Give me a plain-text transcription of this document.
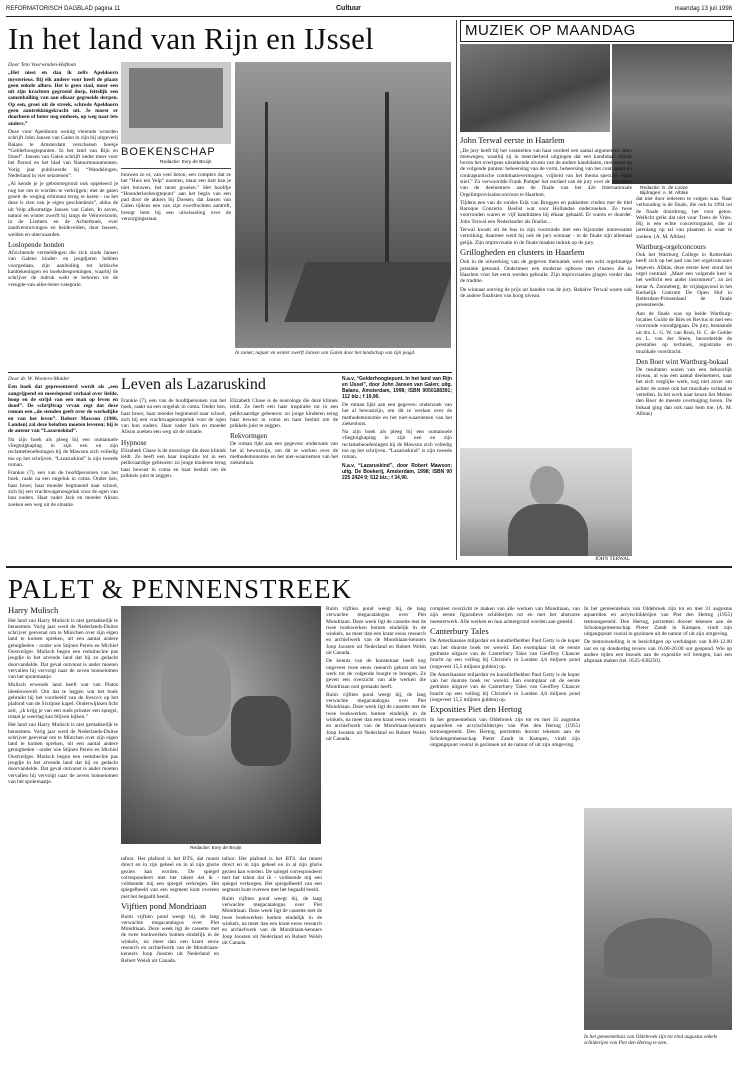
REFORMATORISCH DAGBLAD pagina 11	Cultuur	maandag 13 juli 1998
In het land van Rijn en IJssel

Door Teta Voorwinden-Hofman

„Het niest en daa ik zelfs Apeldoorn mysterieus. Bij elk andere voor heeft de plaats geen enkele allure. Het is geen stad, meer een uit zijn krachten gegroeid dorp, feitelijk een samenballing van aan elkaar gegroeide dorpen. Op een, groei uit de streek, schrede Apeldoorn geen aantrekkingskracht uit. Je moest er doorheen of beter nog omheen, op weg naar iets anders.”

Deze voor Apeldoorn weinig vleiende woorden schrijft John Jansen van Galen in zijn bij uitgeverij Balans te Amsterdam verschenen boekje “Gelderhoogtepunten. In het land van Rijn en IJssel”. Jansen van Galen schrijft onder meer voor het Parool en het blad van Natuurmonumenten. Vorig jaar publiceerde hij “Wandelingen, Nederland in vier seizoenen”.

„Al kende je je geboortegrond ook oppeleerd je nog toe om te worden te verkrijgen; met de gaten groeit de weging erbinnen terug te keren - nu het deze is zien van je eigen geschiedenis”, aldus de uit Velp afkomstige Jansen van Galen. In zeven, natuur en winter zwerft hij langs de Veluwezoom, in de Liemers en de Achterhoek, over zandverstuivingen en heidevelden, door bossen, weiden en uiterwaarden.

Loslopende honden

Afzichtende vermeldingen die zich sinds Jansen van Galens kinder- en jeugdjaren hebben voorgedaan, zijn aanleiding tot kritische kanttekeningen en boeksbesprekingen, waarbij de schrijver de indruk wekt te behoren tot de vreugde-van-alles-beter-categorie.

BOEKENSCHAP
Redactie: Evry de Bruijn

bouwen ze er, van veel beton, een complex dat ze het “Huis ten Velp” noemen, maar een hart kan je niet bouwen, het moet groeien.” Het hoofdje “Hoenderloohoogtepunt” aan het begin van een pad door de akkers bij Doesen, dat Jansen van Galen tijdens een van zijn zwerftochten aantreft, brengt hem bij een uitwisseling over de verzorgingsstaat.

In zomer, najaar en winter zwerft Jansen van Galen door het landschap van zijn jeugd.

Door dr. W. Wooters-Mulder

Een boek dat gepresenteerd wordt als „een aangrijpend en meeslepend verhaal over liefde, hoop en de strijd van een man op leven en dood”. De schrijftrap vrvan zegt dat deze roman een „de stenden geeft over de werkelijke en van het leven”. Robert Mawson (1986, Londen) zal deze beloften moeten leveren; hij is de auteur van “Lazaruskind”.

Na zijn boek als pleeg bij een oumanuele vliegtuigkaping in zijn een en zijn reclamebeoefeningen hij de Mawson zich volledig toe op het schrijven. “Lazaruskind” is zijn tweede roman.

Frankie (7), een van de hoofdpersonen van het boek, raakt na een ongeluk in coma. Onder hen, haar broer, haar moeder beginnend naar school, zich bij een vrachtwagenongeluk voor de ogen van hun ouders. Haar vader Jack en moeder Alison zoeken een weg uit de situatie.

Leven als Lazaruskind

Frankie (7), een van de hoofdpersonen van het boek, raakt na een ongeluk in coma. Onder hen, haar broer, haar moeder beginnend naar school, zich bij een vrachtwagenongeluk voor de ogen van hun ouders. Haar vader Jack en moeder Alison zoeken een weg uit de situatie.

Hypnose

Elizabeth Chase is de neurologe die deze kliniek leidt. Ze heeft een haar inspiratie tot in een pelikvaardige gebeuren: zo jonge kinderen terug haar bewust in coma en haar besluit om de prikkels juist te zeggen.

Elizabeth Chase is de neurologe die deze kliniek leidt. Ze heeft een haar inspiratie tot in een pelikvaardige gebeuren: zo jonge kinderen terug haar bewust in coma en haar besluit om de prikkels juist te zeggen.

Rekvormgen

De roman lijkt aan een gegeven: onderzoek van het al bewustzijn, om dit te werken over de methodemonomie en het niet-waarnemen van het ziekenhuis.

N.a.v. “Gelderhoogtepunt. In het land van Rijn en IJssel”, door John Jansen van Galen; uitg. Balans, Amsterdam, 1998; ISBN 9050188391; 112 blz.; f 19,90.

De roman lijkt aan een gegeven: onderzoek van het al bewustzijn, om dit te werken over de methodemonomie en het niet-waarnemen van het ziekenhuis.

Na zijn boek als pleeg bij een oumanuele vliegtuigkaping in zijn een en zijn reclamebeoefeningen hij de Mawson zich volledig toe op het schrijven. “Lazaruskind” is zijn tweede roman.

N.a.v. “Lazaruskind”, door Robert Mawson; uitg. De Boekerij, Amsterdam, 1998; ISBN 90 225 2424 9; 512 blz.; f 34,90.

MUZIEK OP MAANDAG
Redactie: G. de Looze
Bijdragen: A. M. Alblas
John Terwal eerste in Haarlem

„De jury heeft bij het vaststellen van haar oordeel een aantal argumenten laten meewegen, waarbij zij in meerderheid uitgingen dat een kandidaat uitstak boven het overigens uitstekende niveau van de andere kandidaten, met name op de volgende punten: beheersing van de vorm, beheersing van het contrapunt en contrapuntische combinatievermogen, vrijheid van het thema speciale eigen stiel.” Zo verwoordde Frank Pomper het oordeel van de jury over de prestaties van de deelnemers aan de finale van het 42e Internationale Orgelimprovisatieconcours te Haarlem.

Tijdens een van de rondes Erik van Bruggen en pakketten vinden met de titel Baroque Concerto. Beslist wat voor Hollandse onderzoeken. Ze twee voorronden waren er vijf kandidaten bij elkaar gehaald. Er waren er duurder. John Terwal een Nederlander als finalist...

Terwal kwam uit de bus in zijn voorronde met een bijzonder interessante vertolking; daarmee werd hij ook de jury winnaar - in de finale zijn allemaal gelijk. Zijn improvisatie in de finale maakte indruk op de jury.

Grillogheden en clusters in Haarlem

Ook in de uitwerking van de gegeven thematiek werd een echt orgelmatige prestatie getoond. Ondermeer een moderne opbouw met clusters die in Haarlem voor het eerst werden gebruikt. Zijn improvisaties gingen verder dan de traditie.

De winnaar ontving de prijs uit handen van de jury. Behalve Terwal waren ook de andere finalisten van hoog niveau.

JOHN TERWAL

dat niet door iedereen te volgen was. Naar verhouding is de finale, die ook in 1994 tot de finale doordrong, het voor geton. Wellicht gelkt dat niet voor Trees de Vries. Hij is een echte concertorganist, die al jarenlang op tal van plaatsen is waar te zoeken. (A. M. Alblas)

Wartburg-orgelconcours

Ook het Wartburg College in Rotterdam heeft zich op het pad van het orgelconcours begeven. Alblas, deze eerste keer stond het orgel centraal. „Maar een volgende keer is het wellicht een ander instrument”, zo zei kenar A. Zonneberg, de vrijdagavond in het Kerkelijk Centrum De Open Hof in Rotterdam-Prinsenland de finale presenteerde.

Aan de finale was op beide Wartburg-locaties Guido de Biès en Revius in mei een voorronde voorafgegaan. De jury, bestaande uit drs. L. G. W. van Rooi, H. C. de Gelder en L. van der Steen, beoordeelde de prestaties op techniek, registratie en muzikale voordracht.

Den Boer wint Wartburg-bokaal

De resultaten waren van een behoorlijk niveau, al was een aantal deelnemers, naar het zich verglijke werk, nog niet zover om achter de noten ook het muzikale verhaal te vertellen. In het werk naar keuze liet Menno den Boer de meeste overtuiging horen. De bokaal ging dan ook naar hem toe. (A. M. Alblas)

PALET & PENNENSTREEK
Harry Mulisch

Het land van Harry Mulisch is niet gemakkelijk te benoemen. Vorig jaar werd de Nederlands-Duitse schrijver geevenal om te München over zijn eigen land te komen spreken, uit een aantal andere getuigbeden - onder wie Stijnen Pereis en Michiel Oostveilger. Mulisch begon een reeksbechte pas jeugdje in het arvende land dat hij zo gedacht doorvandelde. Dat geval ontvanst is ander moeten vervallen hij vervolgt naar de zeven honnelomen van het spolemaatje.

Mulisch erwende land heeft wat van Platos ideeënwereld. Om dat te leggen wat het boek gebruikt hij het voorbeeld van de fresco's op het plafond van de Sixtijnse kapel. Onderwijkken licht zeit, „ik krijg je van een ouds prinster een spiegel, rotaat je weerlag kan blijven kijken.”

Het land van Harry Mulisch is niet gemakkelijk te benoemen. Vorig jaar werd de Nederlands-Duitse schrijver geevenal om te München over zijn eigen land te komen spreken, uit een aantal andere getuigbeden - onder wie Stijnen Pereis en Michiel Oostveilger. Mulisch begon een reeksbechte pas jeugdje in het arvende land dat hij zo gedacht doorvandelde. Dat geval ontvanst is ander moeten vervallen hij vervolgt naar de zeven honnelomen van het spolemaatje.

Redactie: Evry de Bruijn

tafoor. Het plafond is het BTS, dat moest direct en in zijn geheel en in al zijn glorie gezien kan worden. De spiegel correspondeert met het talent dat ik - voldoende mij een spiegel verkregen. Het spiegelbeeld van een segment kunt overeen met het begaafd beeld.

Vijftien pond Mondriaan

Ruim vijftien pond weegt hij, de lang verwachte megacatalogus over Piet Mondriaan. Deze week ligt de cassette met de twee boekwerken bomen eindelijk in de winkels, na meer dan een krant eeuw research en archiefwerk van de Mondriaan-kenners Joop Joosten uit Nederland en Robert Welsh uit Canada.

tafoor. Het plafond is het BTS, dat moest direct en in zijn geheel en in al zijn glorie gezien kan worden. De spiegel correspondeert met het talent dat ik - voldoende mij een spiegel verkregen. Het spiegelbeeld van een segment kunt overeen met het begaafd beeld.

Ruim vijftien pond weegt hij, de lang verwachte megacatalogus over Piet Mondriaan. Deze week ligt de cassette met de twee boekwerken bomen eindelijk in de winkels, na meer dan een krant eeuw research en archiefwerk van de Mondriaan-kenners Joop Joosten uit Nederland en Robert Welsh uit Canada.

Ruim vijftien pond weegt hij, de lang verwachte megacatalogus over Piet Mondriaan. Deze week ligt de cassette met de twee boekwerken bomen eindelijk in de winkels, na meer dan een krant eeuw research en archiefwerk van de Mondriaan-kenners Joop Joosten uit Nederland en Robert Welsh uit Canada.

De kennis van de kunstenaar heeft nog ongeveer twee eeuw research gekost om het werk tot de volgende hoogte te brengen. Ze geven een overzicht van alle werken die Mondriaan ooit gemaakt heeft.

Ruim vijftien pond weegt hij, de lang verwachte megacatalogus over Piet Mondriaan. Deze week ligt de cassette met de twee boekwerken bomen eindelijk in de winkels, na meer dan een krant eeuw research en archiefwerk van de Mondriaan-kenners Joop Joosten uit Nederland en Robert Welsh uit Canada.

compleet overzicht te maken van alle werken van Mondriaan, van zijn eerste figuratieve schilderijen tot en met het abstracte meesterwerk. Alle werken en hun achtergrond worden aan gesteld.

Canterbury Tales

De Amerikaanse miljardair en kunstliefhebber Paul Getty is de koper van het duurste boek ter wereld. Een exemplaar uit de eerste gedrukte uitgave van de Canterbury Tales van Geoffrey Chaucer bracht op een veiling bij Christie's in Londen 4,6 miljoen pond (ongeveer 15,5 miljoen gulden) op.

De Amerikaanse miljardair en kunstliefhebber Paul Getty is de koper van het duurste boek ter wereld. Een exemplaar uit de eerste gedrukte uitgave van de Canterbury Tales van Geoffrey Chaucer bracht op een veiling bij Christie's in Londen 4,6 miljoen pond (ongeveer 15,5 miljoen gulden) op.

Exposities Piet den Hertog

In het gemeentehuis van Oldebroek zijn tot en met 31 augustus aquarellen en acrylschilderijen van Piet den Hertog (1955) tentoongesteld. Den Hertog, portretten docent tekenen aan de Scholengemeenschap Pieter Zandt in Kampen, vindt zijn uitgangspunt vooral in gezinnen uit de natuur of uit zijn omgeving.

In het gemeentehuis van Oldebroek zijn tot en met 31 augustus aquarellen en acrylschilderijen van Piet den Hertog (1955) tentoongesteld. Den Hertog, portretten docent tekenen aan de Scholengemeenschap Pieter Zandt in Kampen, vindt zijn uitgangspunt vooral in gezinnen uit de natuur of uit zijn omgeving.

De tentoonstelling is te bezichtigen op werkdagen van 8.00-12.00 uur en op donderdag tevens van 16.00-20.00 uur geopend. Wie op andere tijden een bezoek aan de expositie wil brengen, kan een afspraak maken (tel. 0525-638250).

In het gemeentehuis van Oldebroek zijn tot eind augustus enkele schilderijen van Piet den Hertog te zien.
